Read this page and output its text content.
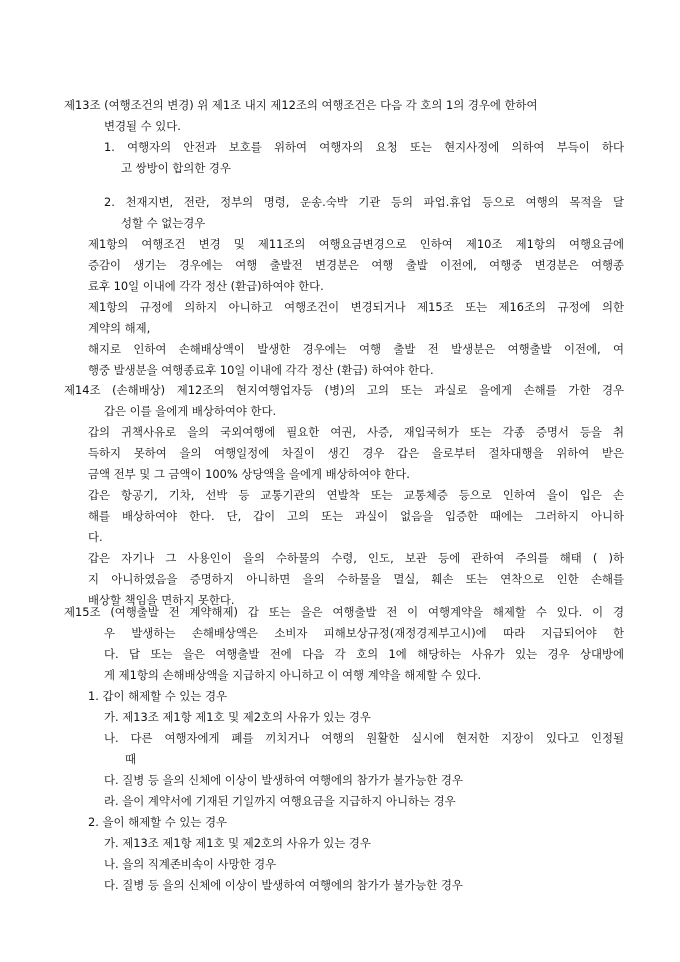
제13조 (여행조건의 변경) 위 제1조 내지 제12조의 여행조건은 다음 각 호의 1의 경우에 한하여
변경될 수 있다.
1. 여행자의 안전과 보호를 위하여 여행자의 요청 또는 현지사정에 의하여 부득이 하다
고 쌍방이 합의한 경우
2. 천재지변, 전란, 정부의 명령, 운송.숙박 기관 등의 파업.휴업 등으로 여행의 목적을 달
성할 수 없는경우
제1항의 여행조건 변경 및 제11조의 여행요금변경으로 인하여 제10조 제1항의 여행요금에
증감이 생기는 경우에는 여행 출발전 변경분은 여행 출발 이전에, 여행중 변경분은 여행종
료후 10일 이내에 각각 정산 (환급)하여야 한다.
제1항의 규정에 의하지 아니하고 여행조건이 변경되거나 제15조 또는 제16조의 규정에 의한
계약의 해제,
해지로 인하여 손해배상액이 발생한 경우에는 여행 출발 전 발생분은 여행출발 이전에, 여
행중 발생분을 여행종료후 10일 이내에 각각 정산 (환급) 하여야 한다.
제14조 (손해배상) 제12조의 현지여행업자등 (병)의 고의 또는 과실로 을에게 손해를 가한 경우
갑은 이를 을에게 배상하여야 한다.
갑의 귀책사유로 을의 국외여행에 필요한 여권, 사증, 재입국허가 또는 각종 증명서 등을 취
득하지 못하여 을의 여행일정에 차질이 생긴 경우 갑은 을로부터 절차대행을 위하여 받은
금액 전부 및 그 금액이 100% 상당액을 을에게 배상하여야 한다.
갑은 항공기, 기차, 선박 등 교통기관의 연발착 또는 교통체증 등으로 인하여 을이 입은 손
해를 배상하여야 한다. 단, 갑이 고의 또는 과실이 없음을 입증한 때에는 그러하지 아니하
다.
갑은 자기나 그 사용인이 을의 수하물의 수령, 인도, 보관 등에 관하여 주의를 해태 ( )하
지 아니하였음을 증명하지 아니하면 을의 수하물을 멸실, 훼손 또는 연착으로 인한 손해를
배상할 책임을 면하지 못한다.
제15조 (여행출발 전 계약해제) 갑 또는 을은 여행출발 전 이 여행계약을 해제할 수 있다. 이 경
우 발생하는 손해배상액은 소비자 피해보상규정(재정경제부고시)에 따라 지급되어야 한
다. 답 또는 을은 여행출발 전에 다음 각 호의 1에 해당하는 사유가 있는 경우 상대방에
게 제1항의 손해배상액을 지급하지 아니하고 이 여행 계약을 해제할 수 있다.
1. 갑이 해제할 수 있는 경우
가. 제13조 제1항 제1호 및 제2호의 사유가 있는 경우
나. 다른 여행자에게 폐를 끼치거나 여행의 원활한 실시에 현저한 지장이 있다고 인정될
때
다. 질병 등 을의 신체에 이상이 발생하여 여행에의 참가가 불가능한 경우
라. 을이 계약서에 기재된 기일까지 여행요금을 지급하지 아니하는 경우
2. 을이 해제할 수 있는 경우
가. 제13조 제1항 제1호 및 제2호의 사유가 있는 경우
나. 을의 직계존비속이 사망한 경우
다. 질병 등 을의 신체에 이상이 발생하여 여행에의 참가가 불가능한 경우
